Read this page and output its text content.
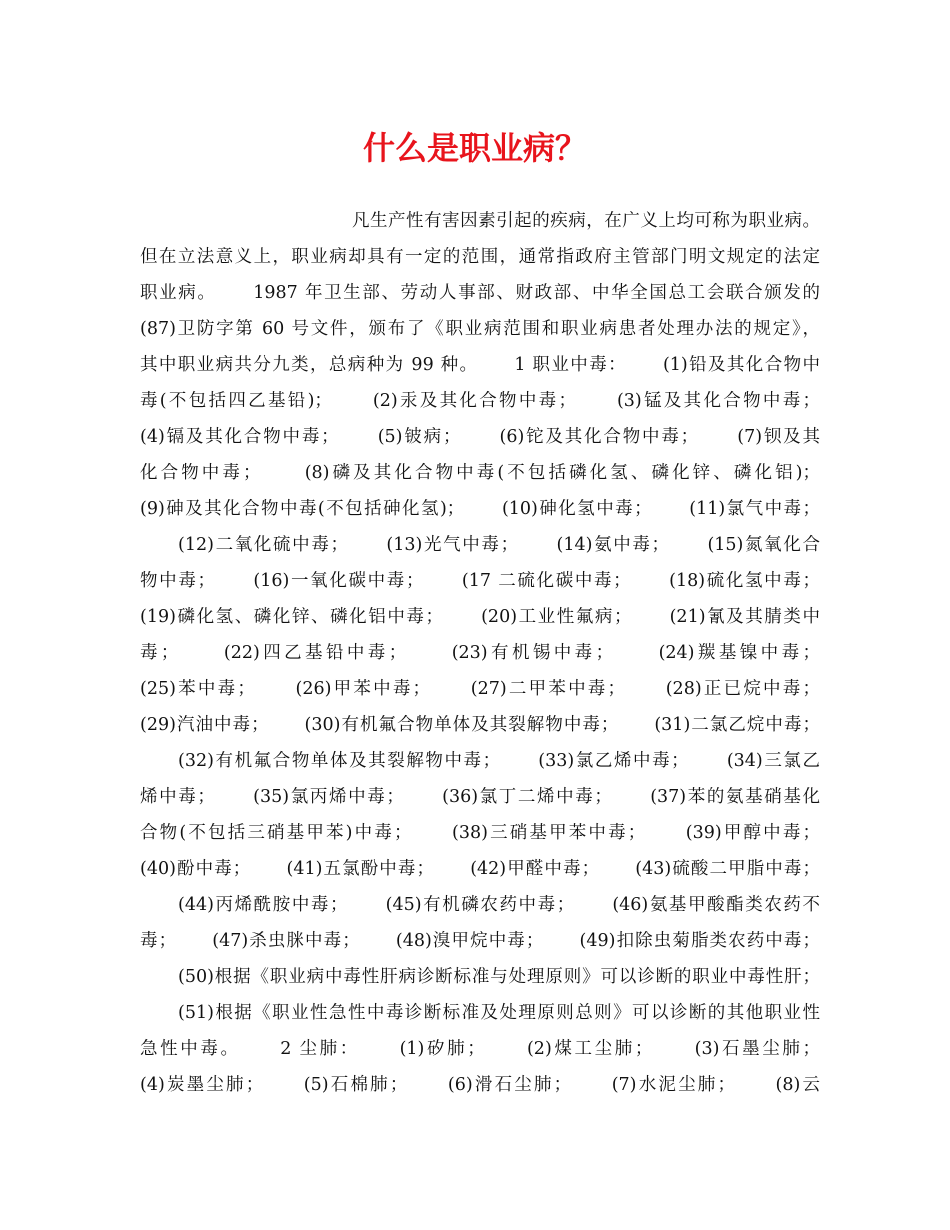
什么是职业病？
凡生产性有害因素引起的疾病，在广义上均可称为职业病。
但在立法意义上，职业病却具有一定的范围，通常指政府主管部门明文规定的法定
职业病。　　 1987 年卫生部、劳动人事部、财政部、中华全国总工会联合颁发的
(87)卫防字第 60 号文件，颁布了《职业病范围和职业病患者处理办法的规定》，
其中职业病共分九类，总病种为 99 种。　　 1 职业中毒：　　 (1)铅及其化合物中
毒(不包括四乙基铅)；　　 (2)汞及其化合物中毒；　　 (3)锰及其化合物中毒；
(4)镉及其化合物中毒；　　 (5)铍病；　　 (6)铊及其化合物中毒；　　 (7)钡及其
化合物中毒；　　 (8)磷及其化合物中毒(不包括磷化氢、磷化锌、磷化铝)；
(9)砷及其化合物中毒(不包括砷化氢)；　　 (10)砷化氢中毒；　　 (11)氯气中毒；
(12)二氧化硫中毒；　　 (13)光气中毒；　　 (14)氨中毒；　　 (15)氮氧化合
物中毒；　　 (16)一氧化碳中毒；　　 (17 二硫化碳中毒；　　 (18)硫化氢中毒；
(19)磷化氢、磷化锌、磷化铝中毒；　　 (20)工业性氟病；　　 (21)氰及其腈类中
毒；　　 (22)四乙基铅中毒；　　 (23)有机锡中毒；　　 (24)羰基镍中毒；
(25)苯中毒；　　 (26)甲苯中毒；　　 (27)二甲苯中毒；　　 (28)正已烷中毒；
(29)汽油中毒；　　 (30)有机氟合物单体及其裂解物中毒；　　 (31)二氯乙烷中毒；
(32)有机氟合物单体及其裂解物中毒；　　 (33)氯乙烯中毒；　　 (34)三氯乙
烯中毒；　　 (35)氯丙烯中毒；　　 (36)氯丁二烯中毒；　　 (37)苯的氨基硝基化
合物(不包括三硝基甲苯)中毒；　　 (38)三硝基甲苯中毒；　　 (39)甲醇中毒；
(40)酚中毒；　　 (41)五氯酚中毒；　　 (42)甲醛中毒；　　 (43)硫酸二甲脂中毒；
(44)丙烯酰胺中毒；　　 (45)有机磷农药中毒；　　 (46)氨基甲酸酯类农药不
毒；　　 (47)杀虫脒中毒；　　 (48)溴甲烷中毒；　　 (49)扣除虫菊脂类农药中毒；
(50)根据《职业病中毒性肝病诊断标准与处理原则》可以诊断的职业中毒性肝；
(51)根据《职业性急性中毒诊断标准及处理原则总则》可以诊断的其他职业性
急性中毒。　　 2 尘肺：　　 (1)矽肺；　　 (2)煤工尘肺；　　 (3)石墨尘肺；
(4)炭墨尘肺；　　 (5)石棉肺；　　 (6)滑石尘肺；　　 (7)水泥尘肺；　　 (8)云
